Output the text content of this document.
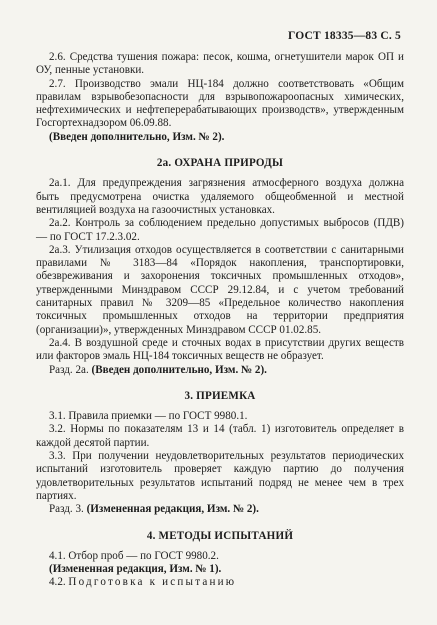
ГОСТ 18335—83 С. 5

2.6. Средства тушения пожара: песок, кошма, огнетушители марок ОП и ОУ, пенные установки.

2.7. Производство эмали НЦ-184 должно соответствовать «Общим правилам взрывобезопасности для взрывопожароопасных химических, нефтехимических и нефтеперерабатывающих производств», утвержденным Госгортехнадзором 06.09.88.

(Введен дополнительно, Изм. № 2).

2а. ОХРАНА ПРИРОДЫ

2а.1. Для предупреждения загрязнения атмосферного воздуха должна быть предусмотрена очистка удаляемого общеобменной и местной вентиляцией воздуха на газоочистных установках.

2а.2. Контроль за соблюдением предельно допустимых выбросов (ПДВ) — по ГОСТ 17.2.3.02.

2а.3. Утилизация отходов осуществляется в соответствии с санитарными правилами № 3183—84 «Порядок накопления, транспортировки, обезвреживания и захоронения токсичных промышленных отходов», утвержденными Минздравом СССР 29.12.84, и с учетом требований санитарных правил № 3209—85 «Предельное количество накопления токсичных промышленных отходов на территории предприятия (организации)», утвержденных Минздравом СССР 01.02.85.

2а.4. В воздушной среде и сточных водах в присутствии других веществ или факторов эмаль НЦ-184 токсичных веществ не образует.

Разд. 2а. (Введен дополнительно, Изм. № 2).

3. ПРИЕМКА

3.1. Правила приемки — по ГОСТ 9980.1.

3.2. Нормы по показателям 13 и 14 (табл. 1) изготовитель определяет в каждой десятой партии.

3.3. При получении неудовлетворительных результатов периодических испытаний изготовитель проверяет каждую партию до получения удовлетворительных результатов испытаний подряд не менее чем в трех партиях.

Разд. 3. (Измененная редакция, Изм. № 2).

4. МЕТОДЫ ИСПЫТАНИЙ

4.1. Отбор проб — по ГОСТ 9980.2.

(Измененная редакция, Изм. № 1).

4.2. Подготовка к испытанию
